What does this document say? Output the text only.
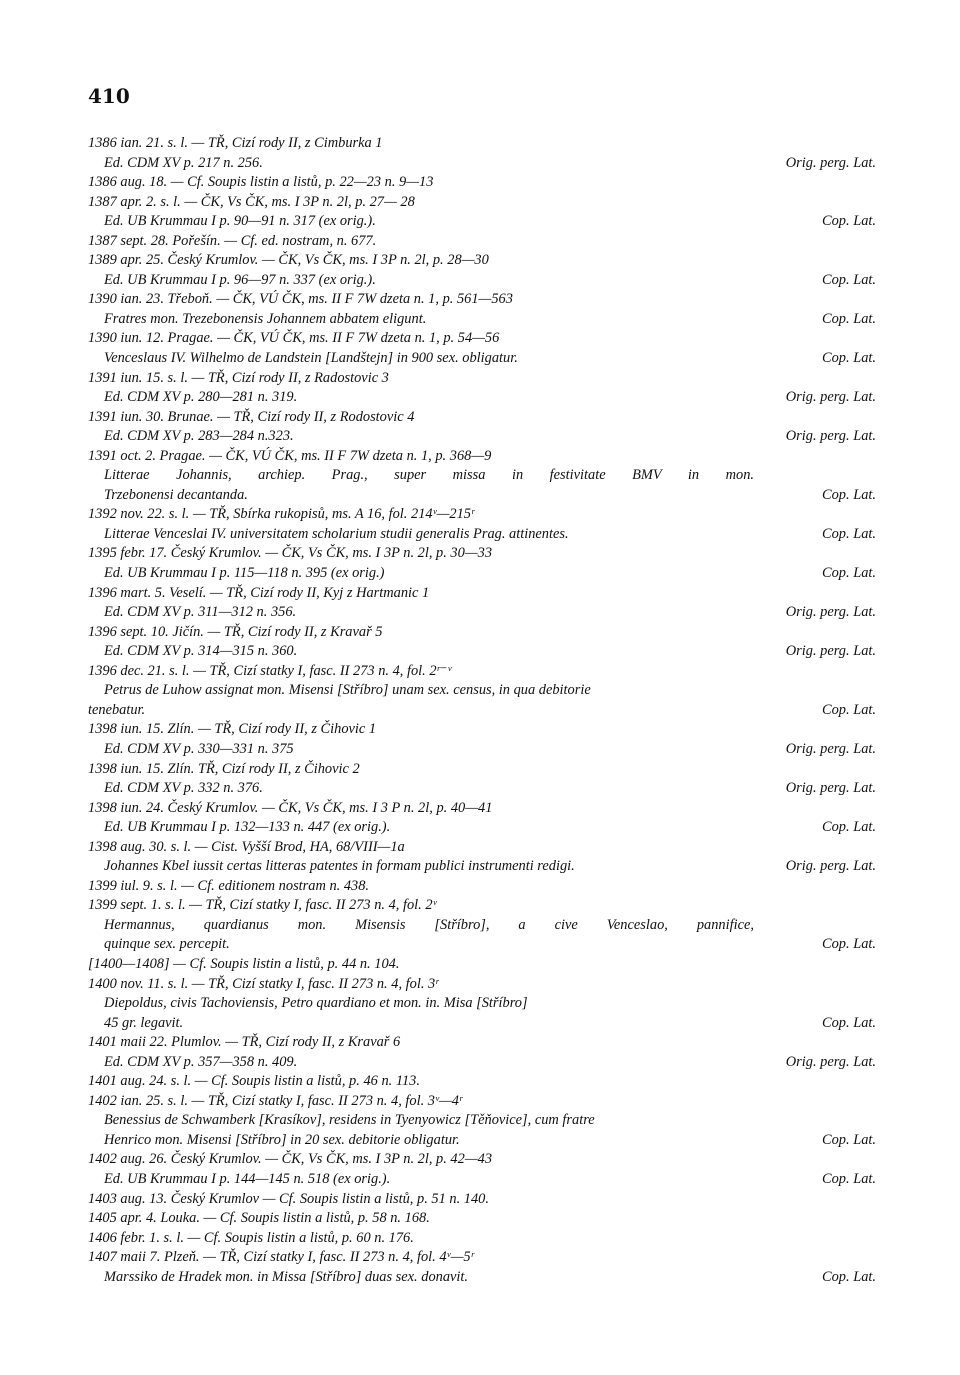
410
1386 ian. 21. s. l. — TŘ, Cizí rody II, z Cimburka 1
Ed. CDM XV p. 217 n. 256.	Orig. perg. Lat.
1386 aug. 18. — Cf. Soupis listin a listů, p. 22—23 n. 9—13
1387 apr. 2. s. l. — ČK, Vs ČK, ms. I 3P n. 2l, p. 27— 28
Ed. UB Krummau I p. 90—91 n. 317 (ex orig.).	Cop. Lat.
1387 sept. 28. Pořešín. — Cf. ed. nostram, n. 677.
1389 apr. 25. Český Krumlov. — ČK, Vs ČK, ms. I 3P n. 2l, p. 28—30
Ed. UB Krummau I p. 96—97 n. 337 (ex orig.).	Cop. Lat.
1390 ian. 23. Třeboň. — ČK, VÚ ČK, ms. II F 7W dzeta n. 1, p. 561—563
Fratres mon. Trezebonensis Johannem abbatem eligunt.	Cop. Lat.
1390 iun. 12. Pragae. — ČK, VÚ ČK, ms. II F 7W dzeta n. 1, p. 54—56
Venceslaus IV. Wilhelmo de Landstein [Landštejn] in 900 sex. obligatur.	Cop. Lat.
1391 iun. 15. s. l. — TŘ, Cizí rody II, z Radostovic 3
Ed. CDM XV p. 280—281 n. 319.	Orig. perg. Lat.
1391 iun. 30. Brunae. — TŘ, Cizí rody II, z Rodostovic 4
Ed. CDM XV p. 283—284 n.323.	Orig. perg. Lat.
1391 oct. 2. Pragae. — ČK, VÚ ČK, ms. II F 7W dzeta n. 1, p. 368—9
Litterae Johannis, archiep. Prag., super missa in festivitate BMV in mon.
Trzebonensi decantanda.	Cop. Lat.
1392 nov. 22. s. l. — TŘ, Sbírka rukopisů, ms. A 16, fol. 214ᵛ—215ʳ
Litterae Venceslai IV. universitatem scholarium studii generalis Prag. attinentes.	Cop. Lat.
1395 febr. 17. Český Krumlov. — ČK, Vs ČK, ms. I 3P n. 2l, p. 30—33
Ed. UB Krummau I p. 115—118 n. 395 (ex orig.)	Cop. Lat.
1396 mart. 5. Veselí. — TŘ, Cizí rody II, Kyj z Hartmanic 1
Ed. CDM XV p. 311—312 n. 356.	Orig. perg. Lat.
1396 sept. 10. Jičín. — TŘ, Cizí rody II, z Kravař 5
Ed. CDM XV p. 314—315 n. 360.	Orig. perg. Lat.
1396 dec. 21. s. l. — TŘ, Cizí statky I, fasc. II 273 n. 4, fol. 2ʳ⁻ᵛ
Petrus de Luhow assignat mon. Misensi [Stříbro] unam sex. census, in qua debitorie
tenebatur.	Cop. Lat.
1398 iun. 15. Zlín. — TŘ, Cizí rody II, z Čihovic 1
Ed. CDM XV p. 330—331 n. 375	Orig. perg. Lat.
1398 iun. 15. Zlín. TŘ, Cizí rody II, z Čihovic 2
Ed. CDM XV p. 332 n. 376.	Orig. perg. Lat.
1398 iun. 24. Český Krumlov. — ČK, Vs ČK, ms. I 3 P n. 2l, p. 40—41
Ed. UB Krummau I p. 132—133 n. 447 (ex orig.).	Cop. Lat.
1398 aug. 30. s. l. — Cist. Vyšší Brod, HA, 68/VIII—1a
Johannes Kbel iussit certas litteras patentes in formam publici instrumenti redigi.	Orig. perg. Lat.
1399 iul. 9. s. l. — Cf. editionem nostram n. 438.
1399 sept. 1. s. l. — TŘ, Cizí statky I, fasc. II 273 n. 4, fol. 2ᵛ
Hermannus, quardianus mon. Misensis [Stříbro], a cive Venceslao, pannifice,
quinque sex. percepit.	Cop. Lat.
[1400—1408] — Cf. Soupis listin a listů, p. 44 n. 104.
1400 nov. 11. s. l. — TŘ, Cizí statky I, fasc. II 273 n. 4, fol. 3ʳ
Diepoldus, civis Tachoviensis, Petro quardiano et mon. in. Misa [Stříbro]
45 gr. legavit.	Cop. Lat.
1401 maii 22. Plumlov. — TŘ, Cizí rody II, z Kravař 6
Ed. CDM XV p. 357—358 n. 409.	Orig. perg. Lat.
1401 aug. 24. s. l. — Cf. Soupis listin a listů, p. 46 n. 113.
1402 ian. 25. s. l. — TŘ, Cizí statky I, fasc. II 273 n. 4, fol. 3ᵛ—4ʳ
Benessius de Schwamberk [Krasíkov], residens in Tyenyowicz [Těňovice], cum fratre
Henrico mon. Misensi [Stříbro] in 20 sex. debitorie obligatur.	Cop. Lat.
1402 aug. 26. Český Krumlov. — ČK, Vs ČK, ms. I 3P n. 2l, p. 42—43
Ed. UB Krummau I p. 144—145 n. 518 (ex orig.).	Cop. Lat.
1403 aug. 13. Český Krumlov — Cf. Soupis listin a listů, p. 51 n. 140.
1405 apr. 4. Louka. — Cf. Soupis listin a listů, p. 58 n. 168.
1406 febr. 1. s. l. — Cf. Soupis listin a listů, p. 60 n. 176.
1407 maii 7. Plzeň. — TŘ, Cizí statky I, fasc. II 273 n. 4, fol. 4ᵛ—5ʳ
Marssiko de Hradek mon. in Missa [Stříbro] duas sex. donavit.	Cop. Lat.
